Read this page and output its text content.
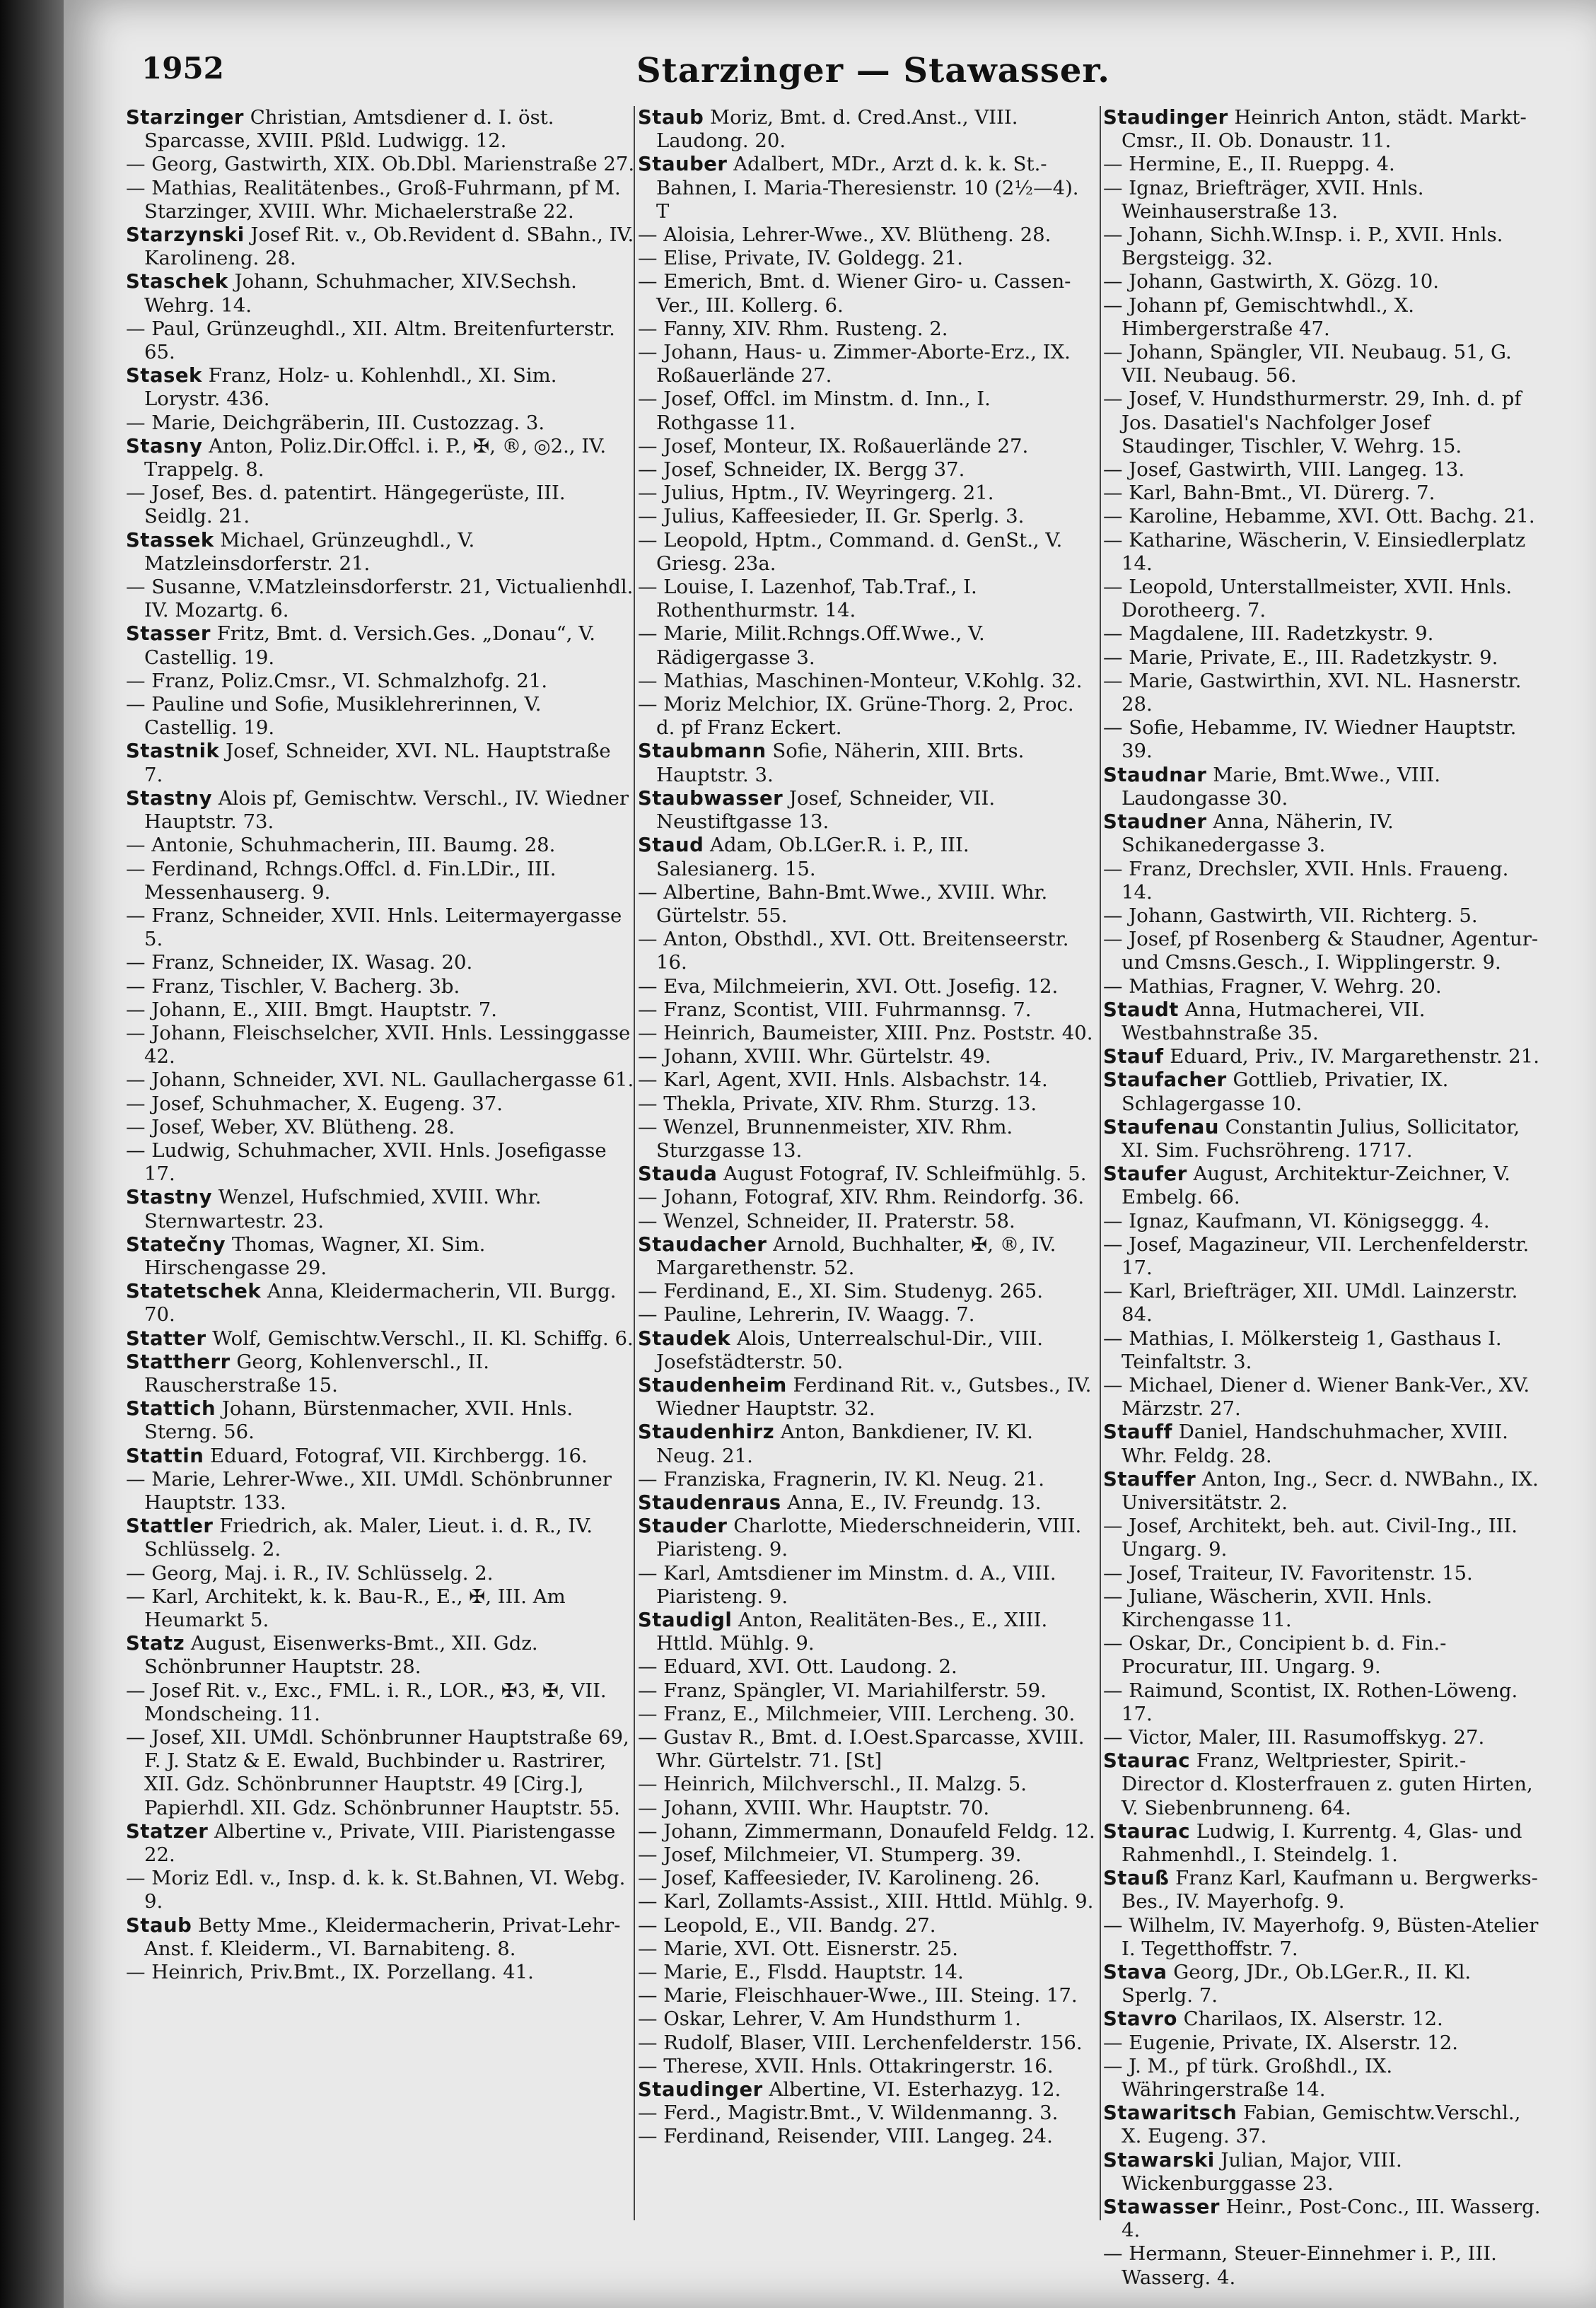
1952	Starzinger — Stawasser.

Starzinger Christian, Amtsdiener d. I. öst. Sparcasse, XVIII. Pßld. Ludwigg. 12.

— Georg, Gastwirth, XIX. Ob.Dbl. Marienstraße 27.

— Mathias, Realitätenbes., Groß-Fuhrmann, pf M. Starzinger, XVIII. Whr. Michaelerstraße 22.

Starzynski Josef Rit. v., Ob.Revident d. SBahn., IV. Karolineng. 28.

Staschek Johann, Schuhmacher, XIV.Sechsh. Wehrg. 14.

— Paul, Grünzeughdl., XII. Altm. Breitenfurterstr. 65.

Stasek Franz, Holz- u. Kohlenhdl., XI. Sim. Lorystr. 436.

— Marie, Deichgräberin, III. Custozzag. 3.

Stasny Anton, Poliz.Dir.Offcl. i. P., ✠, ®, ◎2., IV. Trappelg. 8.

— Josef, Bes. d. patentirt. Hängegerüste, III. Seidlg. 21.

Stassek Michael, Grünzeughdl., V. Matzleinsdorferstr. 21.

— Susanne, V.Matzleinsdorferstr. 21, Victualienhdl. IV. Mozartg. 6.

Stasser Fritz, Bmt. d. Versich.Ges. „Donau“, V. Castellig. 19.

— Franz, Poliz.Cmsr., VI. Schmalzhofg. 21.

— Pauline und Sofie, Musiklehrerinnen, V. Castellig. 19.

Stastnik Josef, Schneider, XVI. NL. Hauptstraße 7.

Stastny Alois pf, Gemischtw. Verschl., IV. Wiedner Hauptstr. 73.

— Antonie, Schuhmacherin, III. Baumg. 28.

— Ferdinand, Rchngs.Offcl. d. Fin.LDir., III. Messenhauserg. 9.

— Franz, Schneider, XVII. Hnls. Leitermayergasse 5.

— Franz, Schneider, IX. Wasag. 20.

— Franz, Tischler, V. Bacherg. 3b.

— Johann, E., XIII. Bmgt. Hauptstr. 7.

— Johann, Fleischselcher, XVII. Hnls. Lessinggasse 42.

— Johann, Schneider, XVI. NL. Gaullachergasse 61.

— Josef, Schuhmacher, X. Eugeng. 37.

— Josef, Weber, XV. Blütheng. 28.

— Ludwig, Schuhmacher, XVII. Hnls. Josefigasse 17.

Stastny Wenzel, Hufschmied, XVIII. Whr. Sternwartestr. 23.

Statečny Thomas, Wagner, XI. Sim. Hirschengasse 29.

Statetschek Anna, Kleidermacherin, VII. Burgg. 70.

Statter Wolf, Gemischtw.Verschl., II. Kl. Schiffg. 6.

Stattherr Georg, Kohlenverschl., II. Rauscherstraße 15.

Stattich Johann, Bürstenmacher, XVII. Hnls. Sterng. 56.

Stattin Eduard, Fotograf, VII. Kirchbergg. 16.

— Marie, Lehrer-Wwe., XII. UMdl. Schönbrunner Hauptstr. 133.

Stattler Friedrich, ak. Maler, Lieut. i. d. R., IV. Schlüsselg. 2.

— Georg, Maj. i. R., IV. Schlüsselg. 2.

— Karl, Architekt, k. k. Bau-R., E., ✠, III. Am Heumarkt 5.

Statz August, Eisenwerks-Bmt., XII. Gdz. Schönbrunner Hauptstr. 28.

— Josef Rit. v., Exc., FML. i. R., LOR., ✠3, ✠, VII. Mondscheing. 11.

— Josef, XII. UMdl. Schönbrunner Hauptstraße 69, F. J. Statz & E. Ewald, Buchbinder u. Rastrirer, XII. Gdz. Schönbrunner Hauptstr. 49 [Cirg.], Papierhdl. XII. Gdz. Schönbrunner Hauptstr. 55.

Statzer Albertine v., Private, VIII. Piaristengasse 22.

— Moriz Edl. v., Insp. d. k. k. St.Bahnen, VI. Webg. 9.

Staub Betty Mme., Kleidermacherin, Privat-Lehr-Anst. f. Kleiderm., VI. Barnabiteng. 8.

— Heinrich, Priv.Bmt., IX. Porzellang. 41.

Staub Moriz, Bmt. d. Cred.Anst., VIII. Laudong. 20.

Stauber Adalbert, MDr., Arzt d. k. k. St.-Bahnen, I. Maria-Theresienstr. 10 (2½—4). T

— Aloisia, Lehrer-Wwe., XV. Blütheng. 28.

— Elise, Private, IV. Goldegg. 21.

— Emerich, Bmt. d. Wiener Giro- u. Cassen-Ver., III. Kollerg. 6.

— Fanny, XIV. Rhm. Rusteng. 2.

— Johann, Haus- u. Zimmer-Aborte-Erz., IX. Roßauerlände 27.

— Josef, Offcl. im Minstm. d. Inn., I. Rothgasse 11.

— Josef, Monteur, IX. Roßauerlände 27.

— Josef, Schneider, IX. Bergg 37.

— Julius, Hptm., IV. Weyringerg. 21.

— Julius, Kaffeesieder, II. Gr. Sperlg. 3.

— Leopold, Hptm., Command. d. GenSt., V. Griesg. 23a.

— Louise, I. Lazenhof, Tab.Traf., I. Rothenthurmstr. 14.

— Marie, Milit.Rchngs.Off.Wwe., V. Rädigergasse 3.

— Mathias, Maschinen-Monteur, V.Kohlg. 32.

— Moriz Melchior, IX. Grüne-Thorg. 2, Proc. d. pf Franz Eckert.

Staubmann Sofie, Näherin, XIII. Brts. Hauptstr. 3.

Staubwasser Josef, Schneider, VII. Neustiftgasse 13.

Staud Adam, Ob.LGer.R. i. P., III. Salesianerg. 15.

— Albertine, Bahn-Bmt.Wwe., XVIII. Whr. Gürtelstr. 55.

— Anton, Obsthdl., XVI. Ott. Breitenseerstr. 16.

— Eva, Milchmeierin, XVI. Ott. Josefig. 12.

— Franz, Scontist, VIII. Fuhrmannsg. 7.

— Heinrich, Baumeister, XIII. Pnz. Poststr. 40.

— Johann, XVIII. Whr. Gürtelstr. 49.

— Karl, Agent, XVII. Hnls. Alsbachstr. 14.

— Thekla, Private, XIV. Rhm. Sturzg. 13.

— Wenzel, Brunnenmeister, XIV. Rhm. Sturzgasse 13.

Stauda August Fotograf, IV. Schleifmühlg. 5.

— Johann, Fotograf, XIV. Rhm. Reindorfg. 36.

— Wenzel, Schneider, II. Praterstr. 58.

Staudacher Arnold, Buchhalter, ✠, ®, IV. Margarethenstr. 52.

— Ferdinand, E., XI. Sim. Studenyg. 265.

— Pauline, Lehrerin, IV. Waagg. 7.

Staudek Alois, Unterrealschul-Dir., VIII. Josefstädterstr. 50.

Staudenheim Ferdinand Rit. v., Gutsbes., IV. Wiedner Hauptstr. 32.

Staudenhirz Anton, Bankdiener, IV. Kl. Neug. 21.

— Franziska, Fragnerin, IV. Kl. Neug. 21.

Staudenraus Anna, E., IV. Freundg. 13.

Stauder Charlotte, Miederschneiderin, VIII. Piaristeng. 9.

— Karl, Amtsdiener im Minstm. d. A., VIII. Piaristeng. 9.

Staudigl Anton, Realitäten-Bes., E., XIII. Httld. Mühlg. 9.

— Eduard, XVI. Ott. Laudong. 2.

— Franz, Spängler, VI. Mariahilferstr. 59.

— Franz, E., Milchmeier, VIII. Lercheng. 30.

— Gustav R., Bmt. d. I.Oest.Sparcasse, XVIII. Whr. Gürtelstr. 71. [St]

— Heinrich, Milchverschl., II. Malzg. 5.

— Johann, XVIII. Whr. Hauptstr. 70.

— Johann, Zimmermann, Donaufeld Feldg. 12.

— Josef, Milchmeier, VI. Stumperg. 39.

— Josef, Kaffeesieder, IV. Karolineng. 26.

— Karl, Zollamts-Assist., XIII. Httld. Mühlg. 9.

— Leopold, E., VII. Bandg. 27.

— Marie, XVI. Ott. Eisnerstr. 25.

— Marie, E., Flsdd. Hauptstr. 14.

— Marie, Fleischhauer-Wwe., III. Steing. 17.

— Oskar, Lehrer, V. Am Hundsthurm 1.

— Rudolf, Blaser, VIII. Lerchenfelderstr. 156.

— Therese, XVII. Hnls. Ottakringerstr. 16.

Staudinger Albertine, VI. Esterhazyg. 12.

— Ferd., Magistr.Bmt., V. Wildenmanng. 3.

— Ferdinand, Reisender, VIII. Langeg. 24.

Staudinger Heinrich Anton, städt. Markt-Cmsr., II. Ob. Donaustr. 11.

— Hermine, E., II. Rueppg. 4.

— Ignaz, Briefträger, XVII. Hnls. Weinhauserstraße 13.

— Johann, Sichh.W.Insp. i. P., XVII. Hnls. Bergsteigg. 32.

— Johann, Gastwirth, X. Gözg. 10.

— Johann pf, Gemischtwhdl., X. Himbergerstraße 47.

— Johann, Spängler, VII. Neubaug. 51, G. VII. Neubaug. 56.

— Josef, V. Hundsthurmerstr. 29, Inh. d. pf Jos. Dasatiel's Nachfolger Josef Staudinger, Tischler, V. Wehrg. 15.

— Josef, Gastwirth, VIII. Langeg. 13.

— Karl, Bahn-Bmt., VI. Dürerg. 7.

— Karoline, Hebamme, XVI. Ott. Bachg. 21.

— Katharine, Wäscherin, V. Einsiedlerplatz 14.

— Leopold, Unterstallmeister, XVII. Hnls. Dorotheerg. 7.

— Magdalene, III. Radetzkystr. 9.

— Marie, Private, E., III. Radetzkystr. 9.

— Marie, Gastwirthin, XVI. NL. Hasnerstr. 28.

— Sofie, Hebamme, IV. Wiedner Hauptstr. 39.

Staudnar Marie, Bmt.Wwe., VIII. Laudongasse 30.

Staudner Anna, Näherin, IV. Schikanedergasse 3.

— Franz, Drechsler, XVII. Hnls. Fraueng. 14.

— Johann, Gastwirth, VII. Richterg. 5.

— Josef, pf Rosenberg & Staudner, Agentur- und Cmsns.Gesch., I. Wipplingerstr. 9.

— Mathias, Fragner, V. Wehrg. 20.

Staudt Anna, Hutmacherei, VII. Westbahnstraße 35.

Stauf Eduard, Priv., IV. Margarethenstr. 21.

Staufacher Gottlieb, Privatier, IX. Schlagergasse 10.

Staufenau Constantin Julius, Sollicitator, XI. Sim. Fuchsröhreng. 1717.

Staufer August, Architektur-Zeichner, V. Embelg. 66.

— Ignaz, Kaufmann, VI. Königseggg. 4.

— Josef, Magazineur, VII. Lerchenfelderstr. 17.

— Karl, Briefträger, XII. UMdl. Lainzerstr. 84.

— Mathias, I. Mölkersteig 1, Gasthaus I. Teinfaltstr. 3.

— Michael, Diener d. Wiener Bank-Ver., XV. Märzstr. 27.

Stauff Daniel, Handschuhmacher, XVIII. Whr. Feldg. 28.

Stauffer Anton, Ing., Secr. d. NWBahn., IX. Universitätstr. 2.

— Josef, Architekt, beh. aut. Civil-Ing., III. Ungarg. 9.

— Josef, Traiteur, IV. Favoritenstr. 15.

— Juliane, Wäscherin, XVII. Hnls. Kirchengasse 11.

— Oskar, Dr., Concipient b. d. Fin.-Procuratur, III. Ungarg. 9.

— Raimund, Scontist, IX. Rothen-Löweng. 17.

— Victor, Maler, III. Rasumoffskyg. 27.

Staurac Franz, Weltpriester, Spirit.-Director d. Klosterfrauen z. guten Hirten, V. Siebenbrunneng. 64.

Staurac Ludwig, I. Kurrentg. 4, Glas- und Rahmenhdl., I. Steindelg. 1.

Stauß Franz Karl, Kaufmann u. Bergwerks-Bes., IV. Mayerhofg. 9.

— Wilhelm, IV. Mayerhofg. 9, Büsten-Atelier I. Tegetthoffstr. 7.

Stava Georg, JDr., Ob.LGer.R., II. Kl. Sperlg. 7.

Stavro Charilaos, IX. Alserstr. 12.

— Eugenie, Private, IX. Alserstr. 12.

— J. M., pf türk. Großhdl., IX. Währingerstraße 14.

Stawaritsch Fabian, Gemischtw.Verschl., X. Eugeng. 37.

Stawarski Julian, Major, VIII. Wickenburggasse 23.

Stawasser Heinr., Post-Conc., III. Wasserg. 4.

— Hermann, Steuer-Einnehmer i. P., III. Wasserg. 4.
